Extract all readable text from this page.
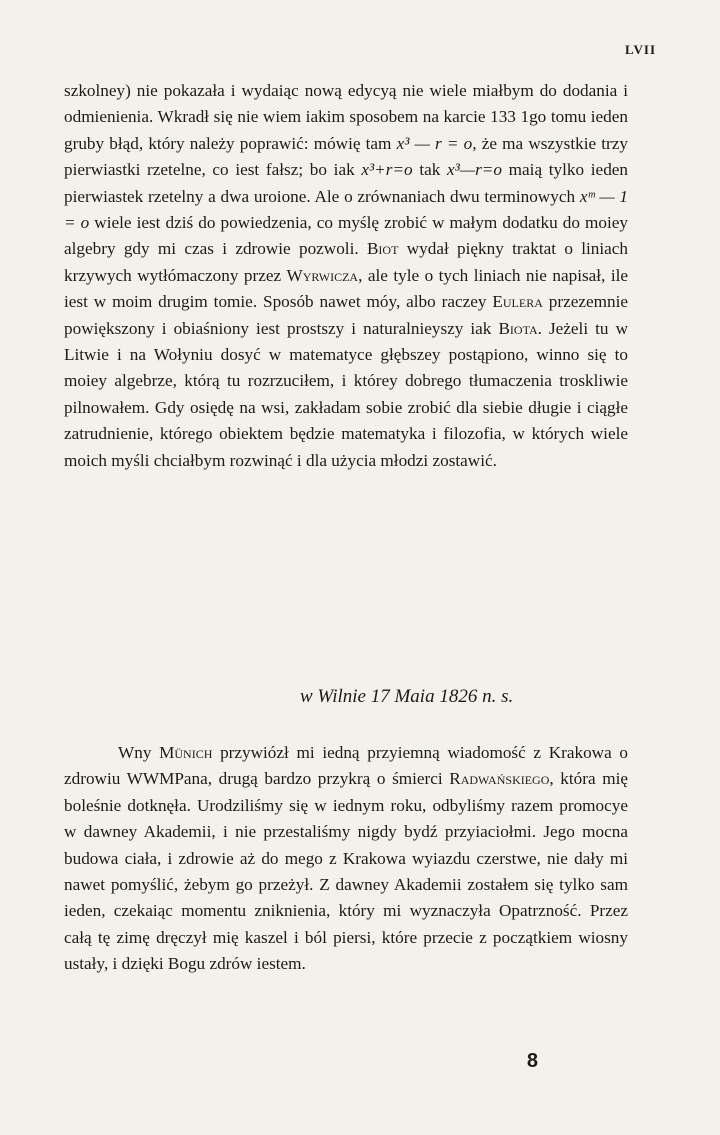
LVII

szkolney) nie pokazała i wydaiąc nową edycyą nie wiele miałbym do dodania i odmienienia. Wkradł się nie wiem iakim sposobem na karcie 133 1go tomu ieden gruby błąd, który należy poprawić: mówię tam x³ — r = o, że ma wszystkie trzy pierwiastki rzetelne, co iest fałsz; bo iak x³+r=o tak x³—r=o maią tylko ieden pierwiastek rzetelny a dwa uroione. Ale o zrównaniach dwu terminowych xᵐ — 1 = o wiele iest dziś do powiedzenia, co myślę zrobić w małym dodatku do moiey algebry gdy mi czas i zdrowie pozwoli. Biot wydał piękny traktat o liniach krzywych wytłómaczony przez Wyrwicza, ale tyle o tych liniach nie napisał, ile iest w moim drugim tomie. Sposób nawet móy, albo raczey Eulera przezemnie powiększony i obiaśniony iest prostszy i naturalnieyszy iak Biota. Jeżeli tu w Litwie i na Wołyniu dosyć w matematyce głębszey postąpiono, winno się to moiey algebrze, którą tu rozrzuciłem, i którey dobrego tłumaczenia troskliwie pilnowałem. Gdy osiędę na wsi, zakładam sobie zrobić dla siebie długie i ciągłe zatrudnienie, którego obiektem będzie matematyka i filozofia, w których wiele moich myśli chciałbym rozwinąć i dla użycia młodzi zostawić.

w Wilnie 17 Maia 1826 n. s.

Wny Münich przywiózł mi iedną przyiemną wiadomość z Krakowa o zdrowiu WWMPana, drugą bardzo przykrą o śmierci Radwańskiego, która mię boleśnie dotknęła. Urodziliśmy się w iednym roku, odbyliśmy razem promocye w dawney Akademii, i nie przestaliśmy nigdy bydź przyiaciołmi. Jego mocna budowa ciała, i zdrowie aż do mego z Krakowa wyiazdu czerstwe, nie dały mi nawet pomyślić, żebym go przeżył. Z dawney Akademii zostałem się tylko sam ieden, czekaiąc momentu zniknienia, który mi wyznaczyła Opatrzność. Przez całą tę zimę dręczył mię kaszel i ból piersi, które przecie z początkiem wiosny ustały, i dzięki Bogu zdrów iestem.

8
